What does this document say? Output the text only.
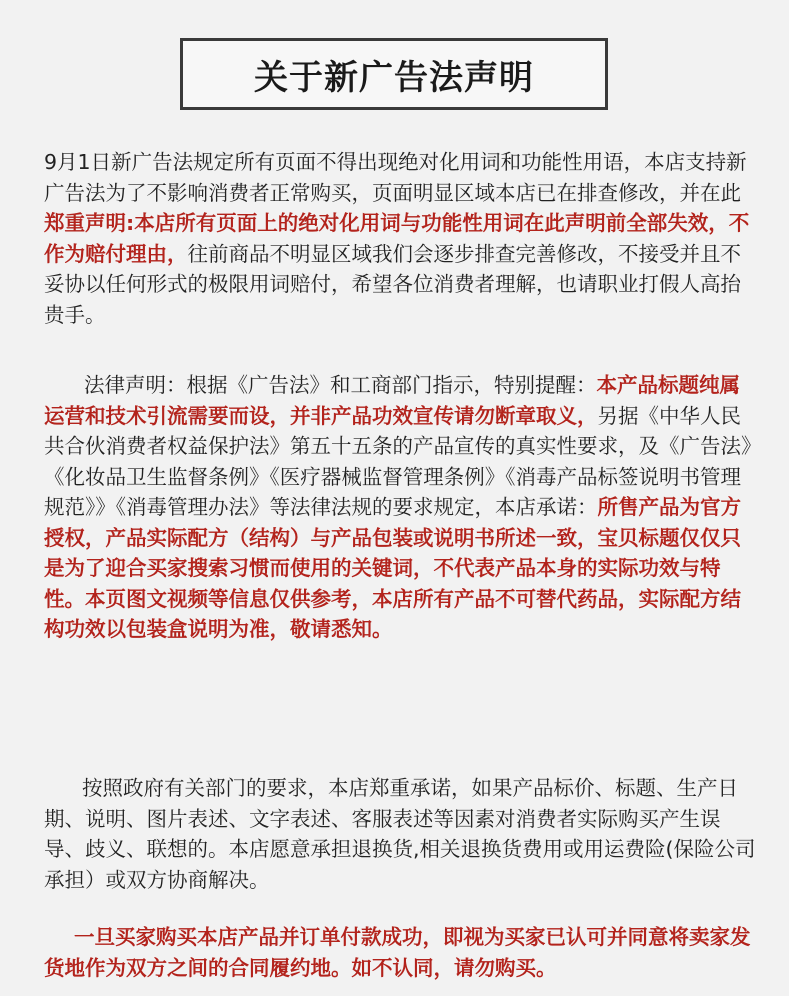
关于新广告法声明

9月1日新广告法规定所有页面不得出现绝对化用词和功能性用语，本店支持新广告法为了不影响消费者正常购买，页面明显区域本店已在排查修改，并在此郑重声明:本店所有页面上的绝对化用词与功能性用词在此声明前全部失效，不作为赔付理由，往前商品不明显区域我们会逐步排查完善修改，不接受并且不妥协以任何形式的极限用词赔付，希望各位消费者理解，也请职业打假人高抬贵手。

法律声明：根据《广告法》和工商部门指示，特别提醒：本产品标题纯属运营和技术引流需要而设，并非产品功效宣传请勿断章取义，另据《中华人民共合伙消费者权益保护法》第五十五条的产品宣传的真实性要求，及《广告法》《化妆品卫生监督条例》《医疗器械监督管理条例》《消毒产品标签说明书管理规范》》《消毒管理办法》等法律法规的要求规定，本店承诺：所售产品为官方授权，产品实际配方（结构）与产品包装或说明书所述一致，宝贝标题仅仅只是为了迎合买家搜索习惯而使用的关键词，不代表产品本身的实际功效与特性。本页图文视频等信息仅供参考，本店所有产品不可替代药品，实际配方结构功效以包装盒说明为准，敬请悉知。

按照政府有关部门的要求，本店郑重承诺，如果产品标价、标题、生产日期、说明、图片表述、文字表述、客服表述等因素对消费者实际购买产生误导、歧义、联想的。本店愿意承担退换货,相关退换货费用或用运费险(保险公司承担）或双方协商解决。

一旦买家购买本店产品并订单付款成功，即视为买家已认可并同意将卖家发货地作为双方之间的合同履约地。如不认同，请勿购买。
